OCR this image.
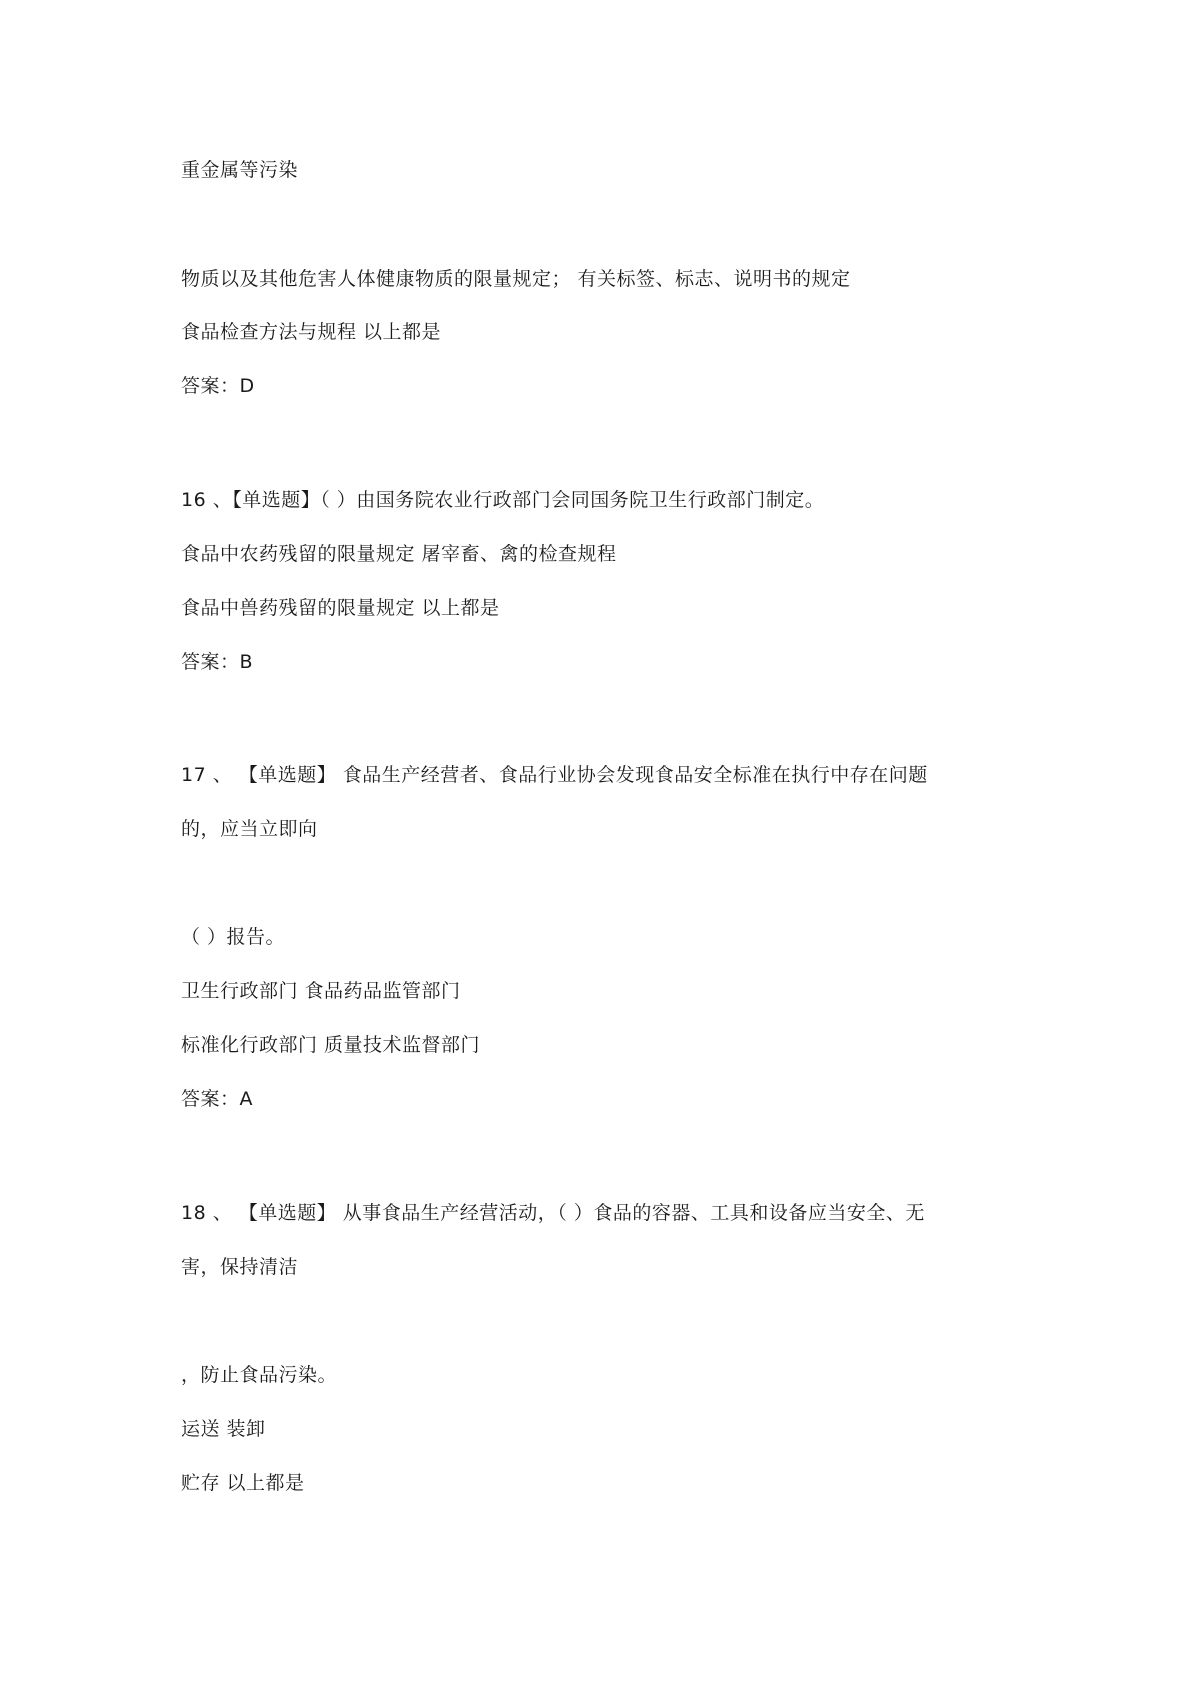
重金属等污染
物质以及其他危害人体健康物质的限量规定； 有关标签、标志、说明书的规定
食品检查方法与规程 以上都是
答案：D
16 、【单选题】（ ）由国务院农业行政部门会同国务院卫生行政部门制定。
食品中农药残留的限量规定 屠宰畜、禽的检查规程
食品中兽药残留的限量规定 以上都是
答案：B
17 、 【单选题】 食品生产经营者、食品行业协会发现食品安全标准在执行中存在问题
的，应当立即向
（ ）报告。
卫生行政部门 食品药品监管部门
标准化行政部门 质量技术监督部门
答案：A
18 、 【单选题】 从事食品生产经营活动，（ ）食品的容器、工具和设备应当安全、无
害，保持清洁
，防止食品污染。
运送 装卸
贮存 以上都是
